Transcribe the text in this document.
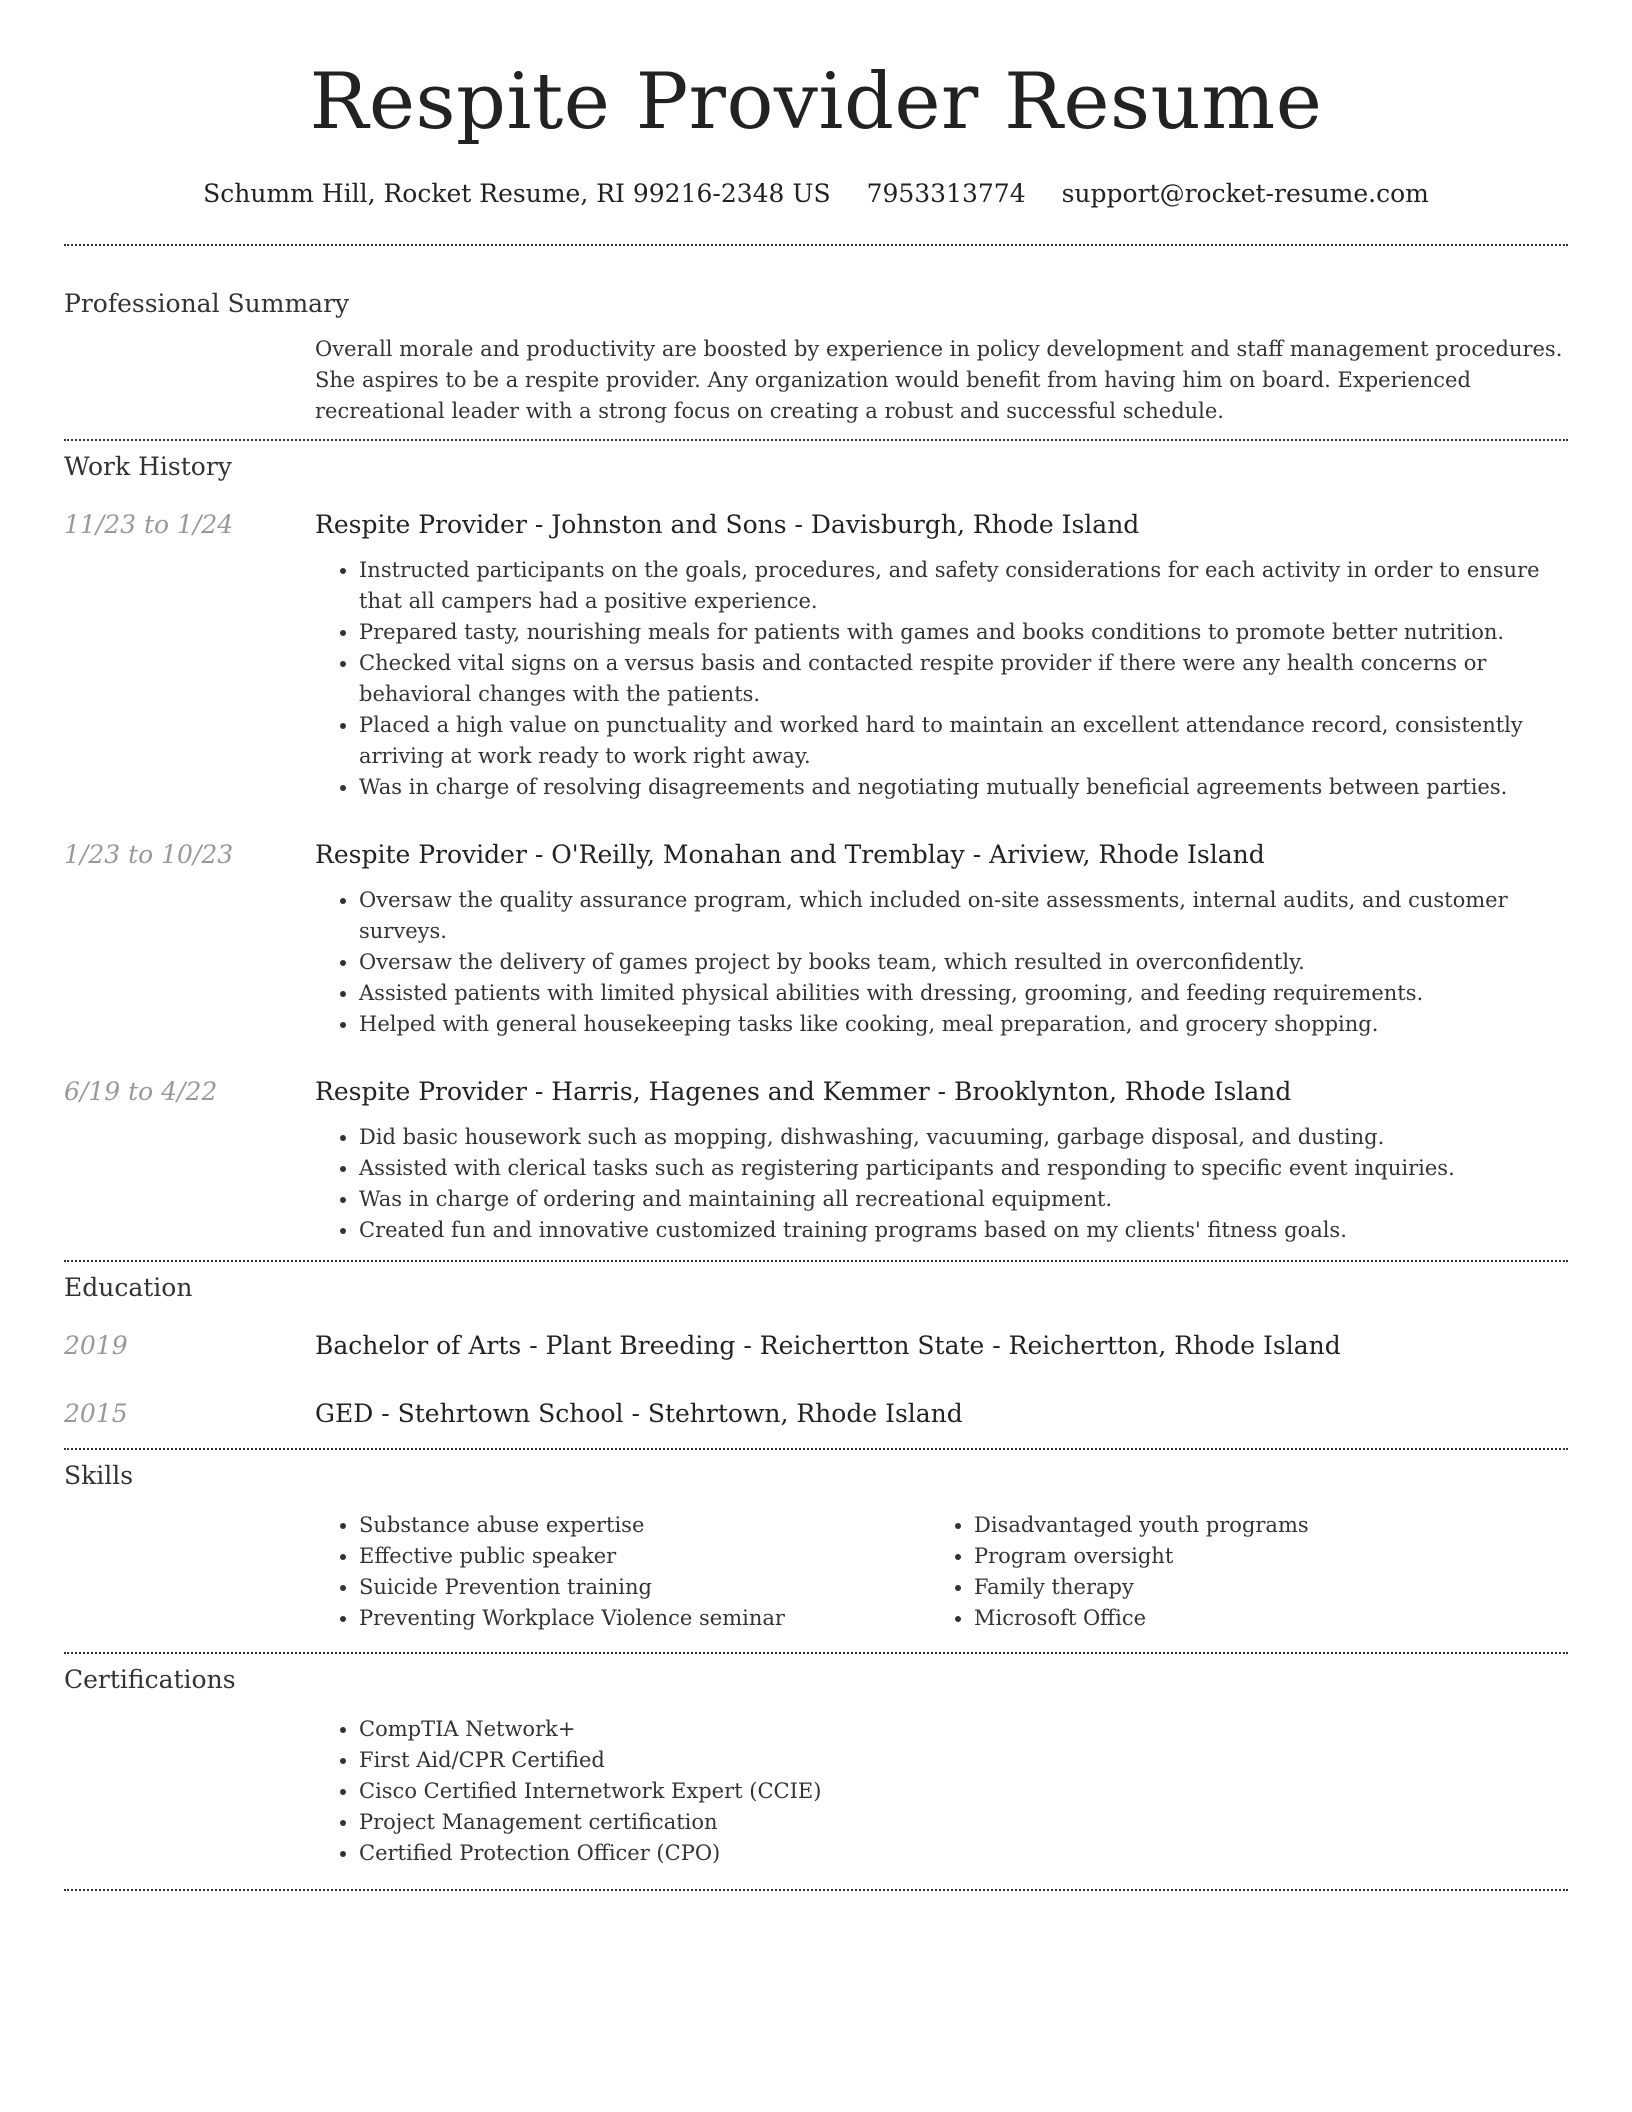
Respite Provider Resume
Schumm Hill, Rocket Resume, RI 99216-2348 US 7953313774 support@rocket-resume.com
Professional Summary
Overall morale and productivity are boosted by experience in policy development and staff management procedures. She aspires to be a respite provider. Any organization would benefit from having him on board. Experienced recreational leader with a strong focus on creating a robust and successful schedule.
Work History
11/23 to 1/24	Respite Provider - Johnston and Sons - Davisburgh, Rhode Island
• Instructed participants on the goals, procedures, and safety considerations for each activity in order to ensure that all campers had a positive experience.
• Prepared tasty, nourishing meals for patients with games and books conditions to promote better nutrition.
• Checked vital signs on a versus basis and contacted respite provider if there were any health concerns or behavioral changes with the patients.
• Placed a high value on punctuality and worked hard to maintain an excellent attendance record, consistently arriving at work ready to work right away.
• Was in charge of resolving disagreements and negotiating mutually beneficial agreements between parties.
1/23 to 10/23	Respite Provider - O'Reilly, Monahan and Tremblay - Ariview, Rhode Island
• Oversaw the quality assurance program, which included on-site assessments, internal audits, and customer surveys.
• Oversaw the delivery of games project by books team, which resulted in overconfidently.
• Assisted patients with limited physical abilities with dressing, grooming, and feeding requirements.
• Helped with general housekeeping tasks like cooking, meal preparation, and grocery shopping.
6/19 to 4/22	Respite Provider - Harris, Hagenes and Kemmer - Brooklynton, Rhode Island
• Did basic housework such as mopping, dishwashing, vacuuming, garbage disposal, and dusting.
• Assisted with clerical tasks such as registering participants and responding to specific event inquiries.
• Was in charge of ordering and maintaining all recreational equipment.
• Created fun and innovative customized training programs based on my clients' fitness goals.
Education
2019	Bachelor of Arts - Plant Breeding - Reichertton State - Reichertton, Rhode Island
2015	GED - Stehrtown School - Stehrtown, Rhode Island
Skills
• Substance abuse expertise
• Effective public speaker
• Suicide Prevention training
• Preventing Workplace Violence seminar
• Disadvantaged youth programs
• Program oversight
• Family therapy
• Microsoft Office
Certifications
• CompTIA Network+
• First Aid/CPR Certified
• Cisco Certified Internetwork Expert (CCIE)
• Project Management certification
• Certified Protection Officer (CPO)
